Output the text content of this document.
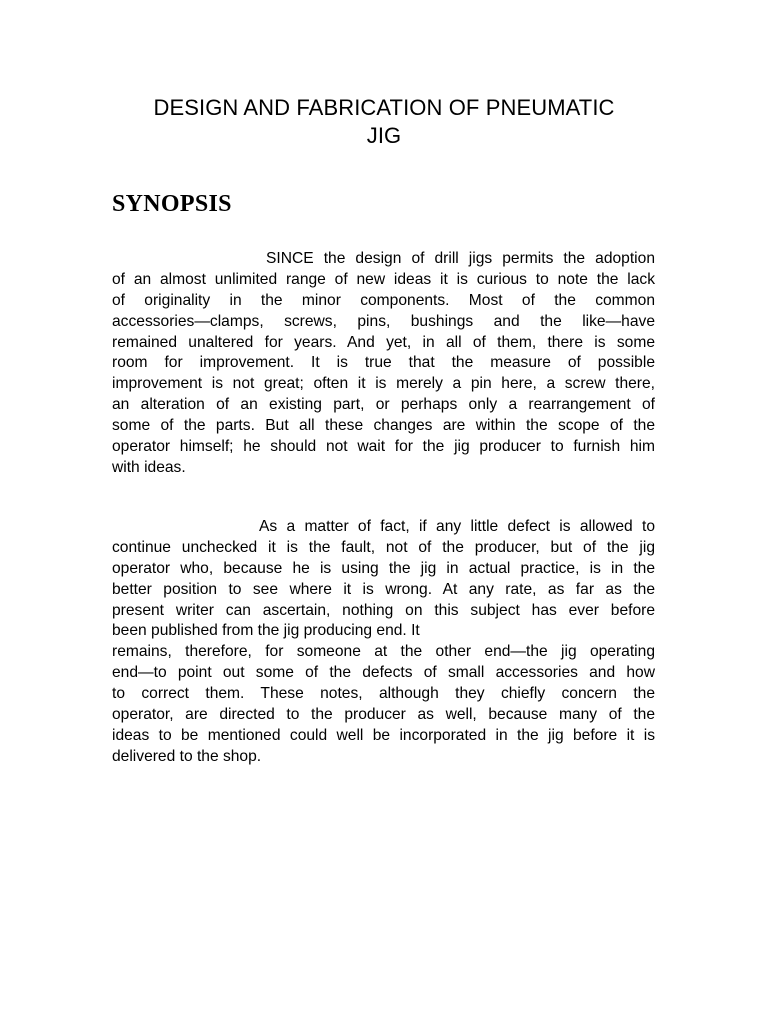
DESIGN AND FABRICATION OF PNEUMATIC
JIG
SYNOPSIS
SINCE the design of drill jigs permits the adoption
of an almost unlimited range of new ideas it is curious to note the lack
of originality in the minor components. Most of the common
accessories—clamps, screws, pins, bushings and the like—have
remained unaltered for years. And yet, in all of them, there is some
room for improvement. It is true that the measure of possible
improvement is not great; often it is merely a pin here, a screw there,
an alteration of an existing part, or perhaps only a rearrangement of
some of the parts. But all these changes are within the scope of the
operator himself; he should not wait for the jig producer to furnish him
with ideas.
As a matter of fact, if any little defect is allowed to
continue unchecked it is the fault, not of the producer, but of the jig
operator who, because he is using the jig in actual practice, is in the
better position to see where it is wrong. At any rate, as far as the
present writer can ascertain, nothing on this subject has ever before
been published from the jig producing end. It
remains, therefore, for someone at the other end—the jig operating
end—to point out some of the defects of small accessories and how
to correct them. These notes, although they chiefly concern the
operator, are directed to the producer as well, because many of the
ideas to be mentioned could well be incorporated in the jig before it is
delivered to the shop.
